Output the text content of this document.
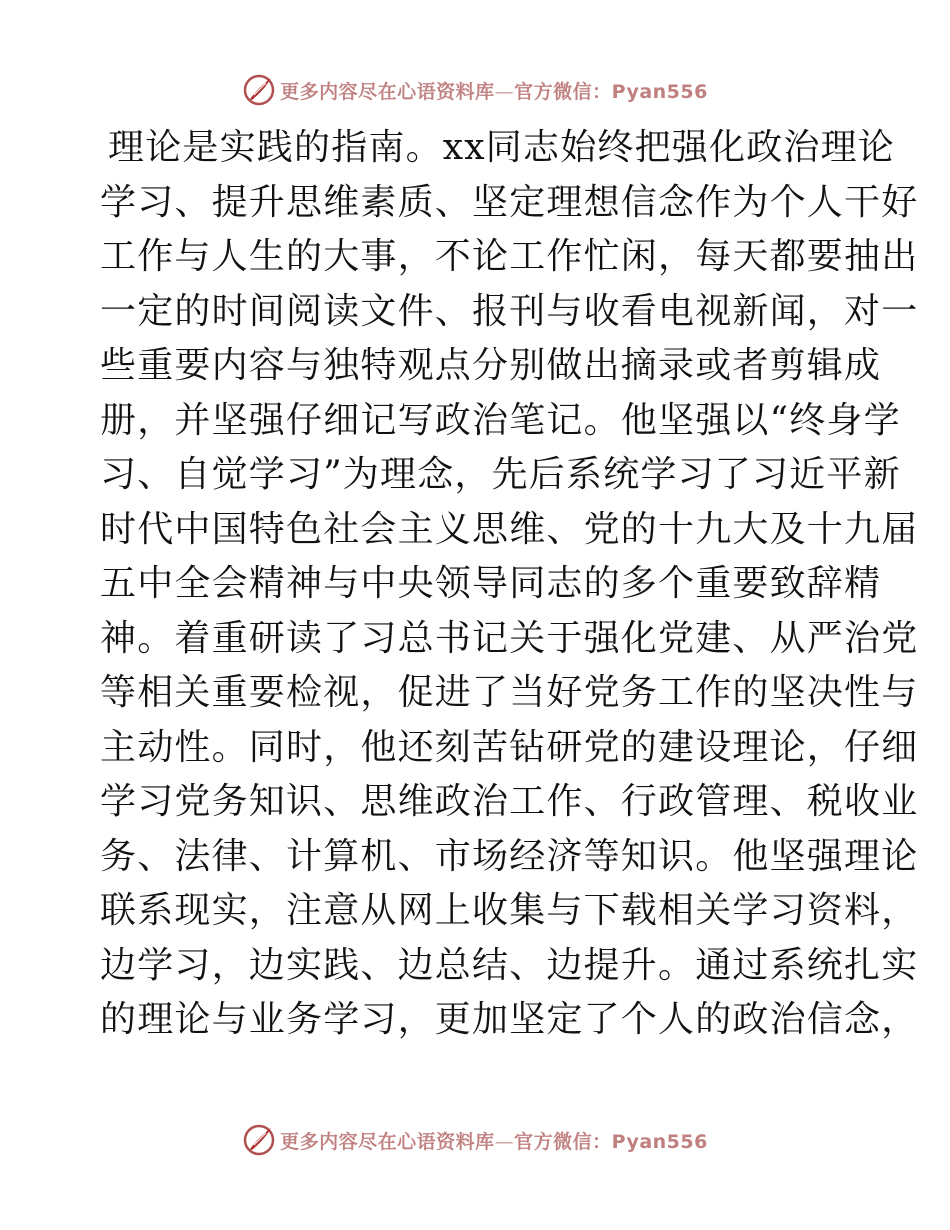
更多内容尽在心语资料库—官方微信：Pyan556
理论是实践的指南。xx同志始终把强化政治理论
学习、提升思维素质、坚定理想信念作为个人干好
工作与人生的大事，不论工作忙闲，每天都要抽出
一定的时间阅读文件、报刊与收看电视新闻，对一
些重要内容与独特观点分别做出摘录或者剪辑成
册，并坚强仔细记写政治笔记。他坚强以“终身学
习、自觉学习”为理念，先后系统学习了习近平新
时代中国特色社会主义思维、党的十九大及十九届
五中全会精神与中央领导同志的多个重要致辞精
神。着重研读了习总书记关于强化党建、从严治党
等相关重要检视，促进了当好党务工作的坚决性与
主动性。同时，他还刻苦钻研党的建设理论，仔细
学习党务知识、思维政治工作、行政管理、税收业
务、法律、计算机、市场经济等知识。他坚强理论
联系现实，注意从网上收集与下载相关学习资料，
边学习，边实践、边总结、边提升。通过系统扎实
的理论与业务学习，更加坚定了个人的政治信念，
更多内容尽在心语资料库—官方微信：Pyan556
